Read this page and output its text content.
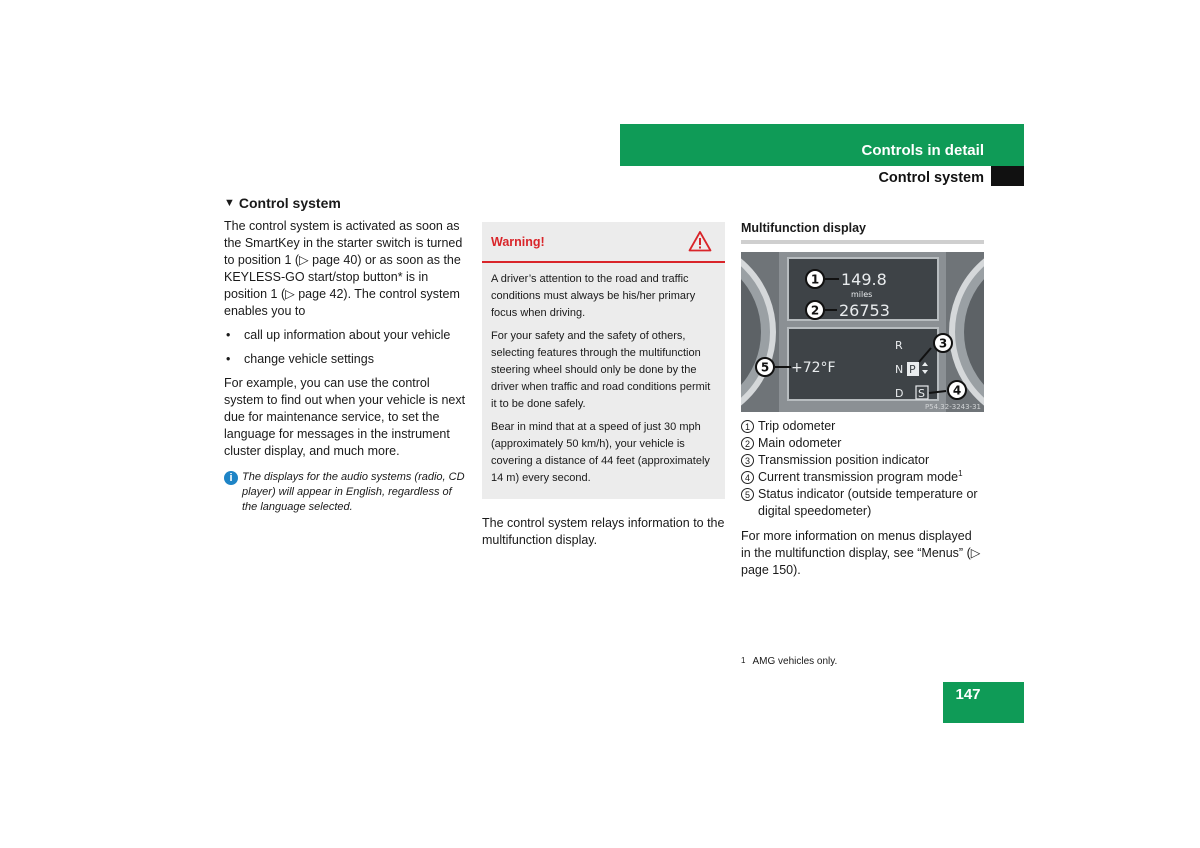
Controls in detail
Control system
▼ Control system

The control system is activated as soon as the SmartKey in the starter switch is turned to position 1 (▷ page 40) or as soon as the KEYLESS-GO start/stop button* is in position 1 (▷ page 42). The control system enables you to

• call up information about your vehicle
• change vehicle settings

For example, you can use the control system to find out when your vehicle is next due for maintenance service, to set the language for messages in the instrument cluster display, and much more.

i The displays for the audio systems (radio, CD player) will appear in English, regardless of the language selected.
Warning!

A driver’s attention to the road and traffic conditions must always be his/her primary focus when driving.

For your safety and the safety of others, selecting features through the multifunction steering wheel should only be done by the driver when traffic and road conditions permit it to be done safely.

Bear in mind that at a speed of just 30 mph (approximately 50 km/h), your vehicle is covering a distance of 44 feet (approximately 14 m) every second.

The control system relays information to the multifunction display.

Multifunction display
149.8
miles
26753
+72°F
R
N P
D S
1
2
3
4
5
P54.32-3243-31
1 Trip odometer
2 Main odometer
3 Transmission position indicator
4 Current transmission program mode$^1$
5 Status indicator (outside temperature or digital speedometer)

For more information on menus displayed in the multifunction display, see “Menus” (▷ page 150).

1 AMG vehicles only.
147
